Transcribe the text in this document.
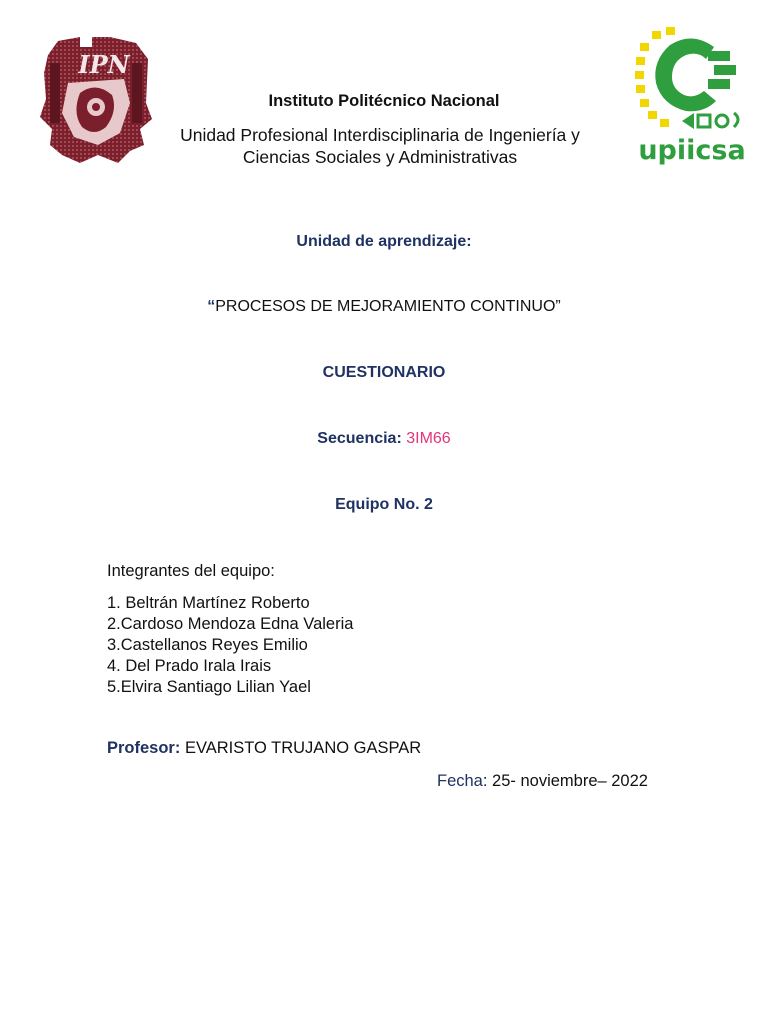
IPN
upiicsa
Instituto Politécnico Nacional
Unidad Profesional Interdisciplinaria de Ingeniería y Ciencias Sociales y Administrativas
Unidad de aprendizaje:
“PROCESOS DE MEJORAMIENTO CONTINUO”
CUESTIONARIO
Secuencia: 3IM66
Equipo No. 2
Integrantes del equipo:
1. Beltrán Martínez Roberto
2.Cardoso Mendoza Edna Valeria
3.Castellanos Reyes Emilio
4. Del Prado Irala Irais
5.Elvira Santiago Lilian Yael
Profesor: EVARISTO TRUJANO GASPAR
Fecha: 25- noviembre– 2022
